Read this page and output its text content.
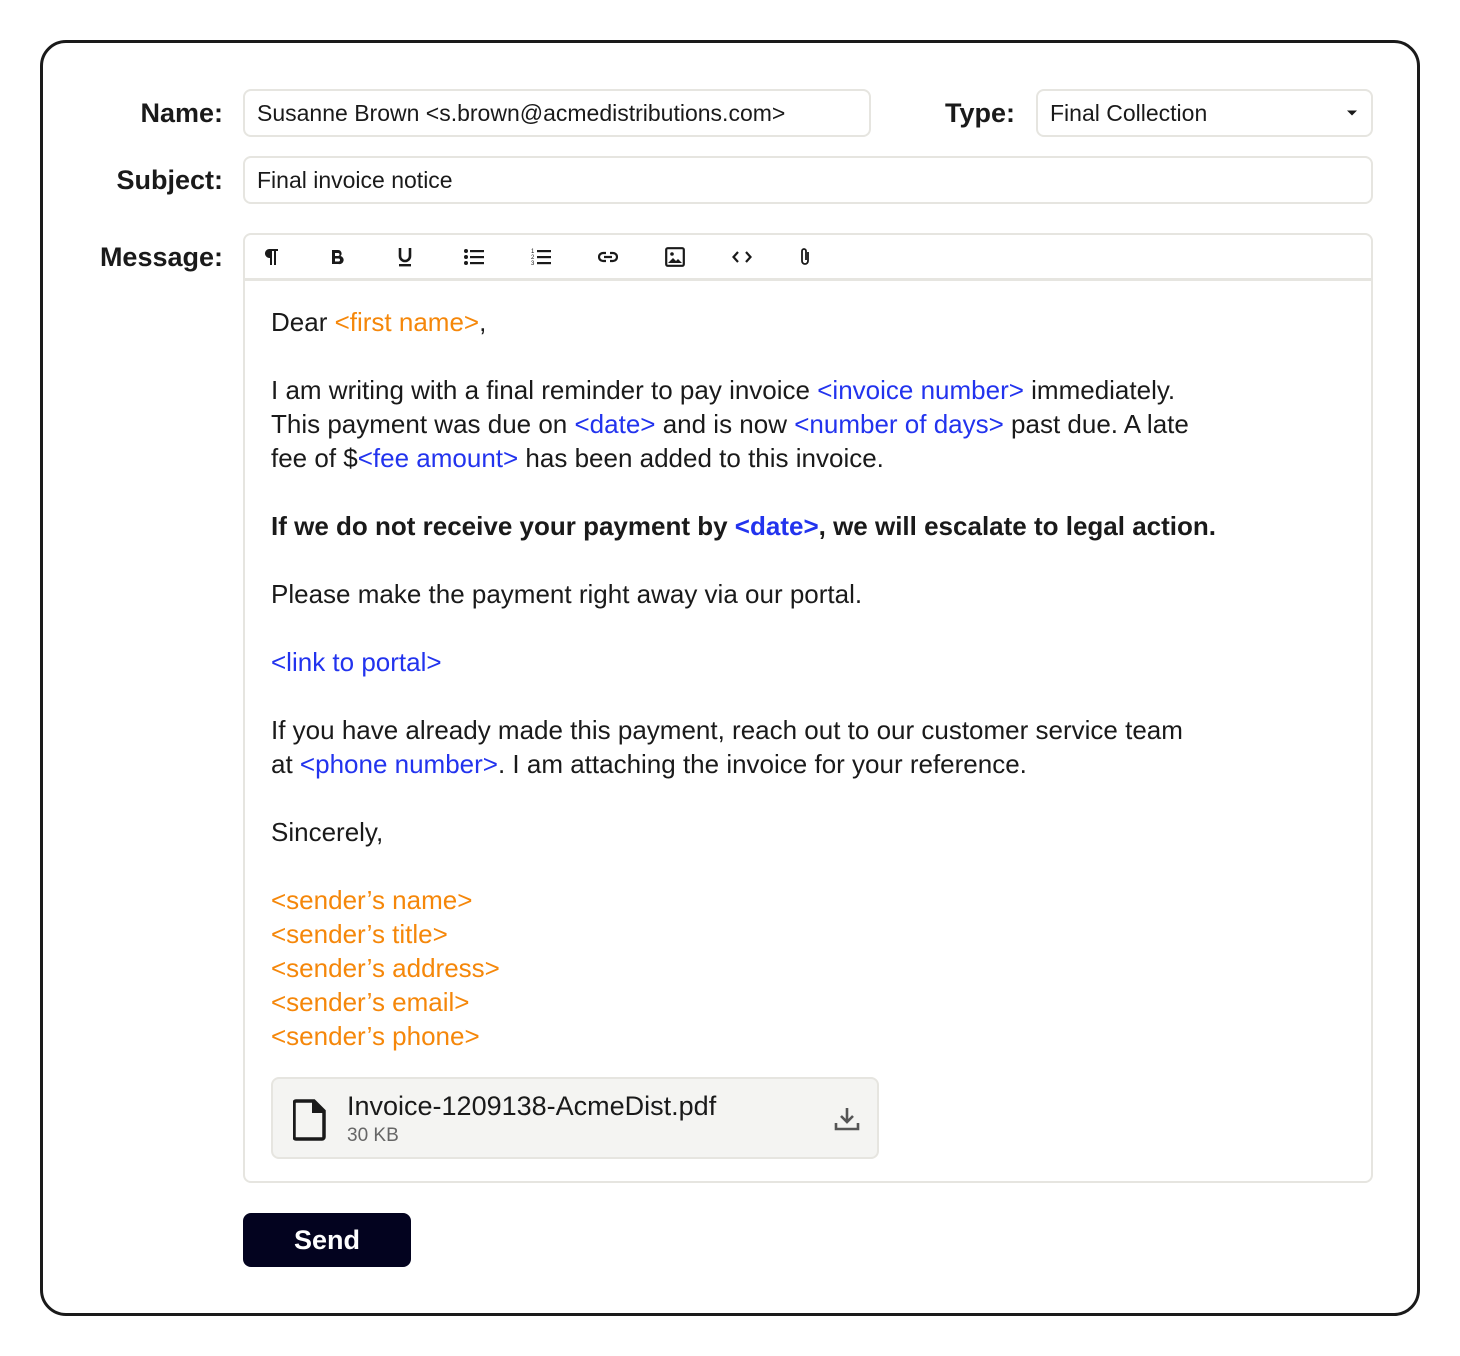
Name: Susanne Brown <s.brown@acmedistributions.com>	Type: Final Collection
Subject: Final invoice notice
Message:	1
2
3

Dear <first name>,

I am writing with a final reminder to pay invoice <invoice number> immediately.

This payment was due on <date> and is now <number of days> past due. A late

fee of $<fee amount> has been added to this invoice.

If we do not receive your payment by <date>, we will escalate to legal action.

Please make the payment right away via our portal.

<link to portal>

If you have already made this payment, reach out to our customer service team

at <phone number>. I am attaching the invoice for your reference.

Sincerely,

<sender’s name>

<sender’s title>

<sender’s address>

<sender’s email>

<sender’s phone>

Invoice-1209138-AcmeDist.pdf
30 KB
Send
